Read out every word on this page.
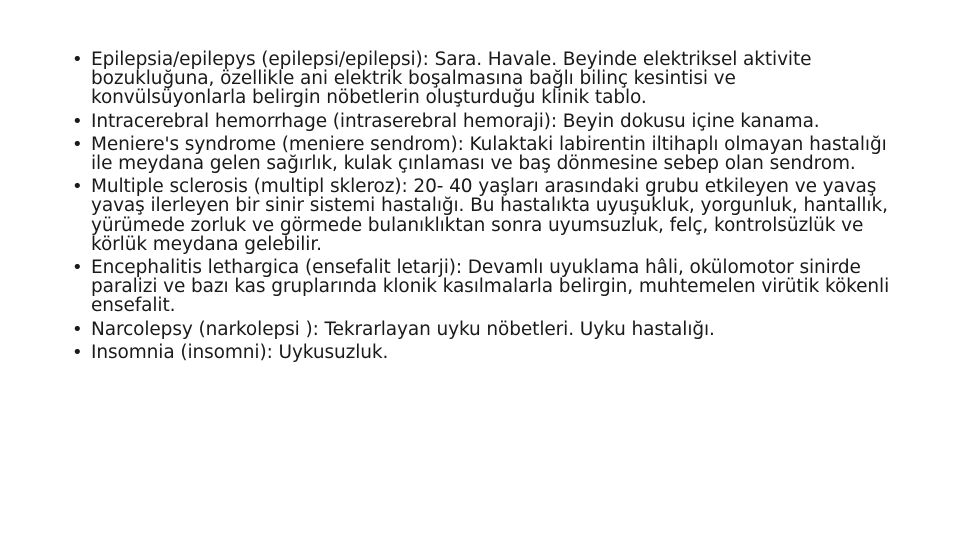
• Epilepsia/epilepys (epilepsi/epilepsi): Sara. Havale. Beyinde elektriksel aktivite bozukluğuna, özellikle ani elektrik boşalmasına bağlı bilinç kesintisi ve konvülsüyonlarla belirgin nöbetlerin oluşturduğu klinik tablo.
• Intracerebral hemorrhage (intraserebral hemoraji): Beyin dokusu içine kanama.
• Meniere's syndrome (meniere sendrom): Kulaktaki labirentin iltihaplı olmayan hastalığı ile meydana gelen sağırlık, kulak çınlaması ve baş dönmesine sebep olan sendrom.
• Multiple sclerosis (multipl skleroz): 20- 40 yaşları arasındaki grubu etkileyen ve yavaş yavaş ilerleyen bir sinir sistemi hastalığı. Bu hastalıkta uyuşukluk, yorgunluk, hantallık, yürümede zorluk ve görmede bulanıklıktan sonra uyumsuzluk, felç, kontrolsüzlük ve körlük meydana gelebilir.
• Encephalitis lethargica (ensefalit letarji): Devamlı uyuklama hâli, okülomotor sinirde paralizi ve bazı kas gruplarında klonik kasılmalarla belirgin, muhtemelen virütik kökenli ensefalit.
• Narcolepsy (narkolepsi ): Tekrarlayan uyku nöbetleri. Uyku hastalığı.
• Insomnia (insomni): Uykusuzluk.
